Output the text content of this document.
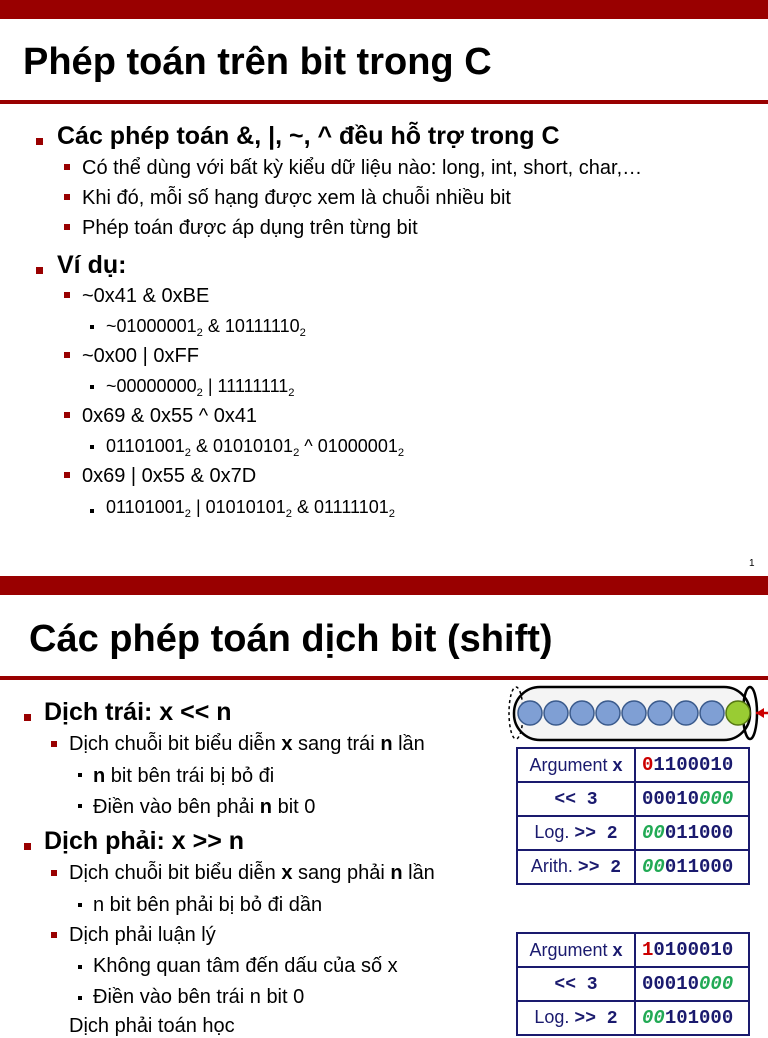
Phép toán trên bit trong C
Các phép toán &, |, ~, ^ đều hỗ trợ trong C
Có thể dùng với bất kỳ kiểu dữ liệu nào: long, int, short, char,…
Khi đó, mỗi số hạng được xem là chuỗi nhiều bit
Phép toán được áp dụng trên từng bit
Ví dụ:
~0x41 & 0xBE
$\sim 01000001_2$ & $10111110_2$
~0x00 | 0xFF
$\sim 00000000_2$ | $11111111_2$
0x69 & 0x55 ^ 0x41
$01101001_2$ & $01010101_2$ ^ $01000001_2$
0x69 | 0x55 & 0x7D
$01101001_2$ | $01010101_2$ & $01111101_2$
1
Các phép toán dịch bit (shift)
Dịch trái: x << n
Dịch chuỗi bit biểu diễn x sang trái n lần
n bit bên trái bị bỏ đi
Điền vào bên phải n bit 0
Dịch phải: x >> n
Dịch chuỗi bit biểu diễn x sang phải n lần
n bit bên phải bị bỏ đi dần
Dịch phải luận lý
Không quan tâm đến dấu của số x
Điền vào bên trái n bit 0
Dịch phải toán học
Argument x	01100010
<< 3	00010000
Log. >> 2	00011000
Arith. >> 2	00011000
Argument x	10100010
<< 3	00010000
Log. >> 2	00101000
